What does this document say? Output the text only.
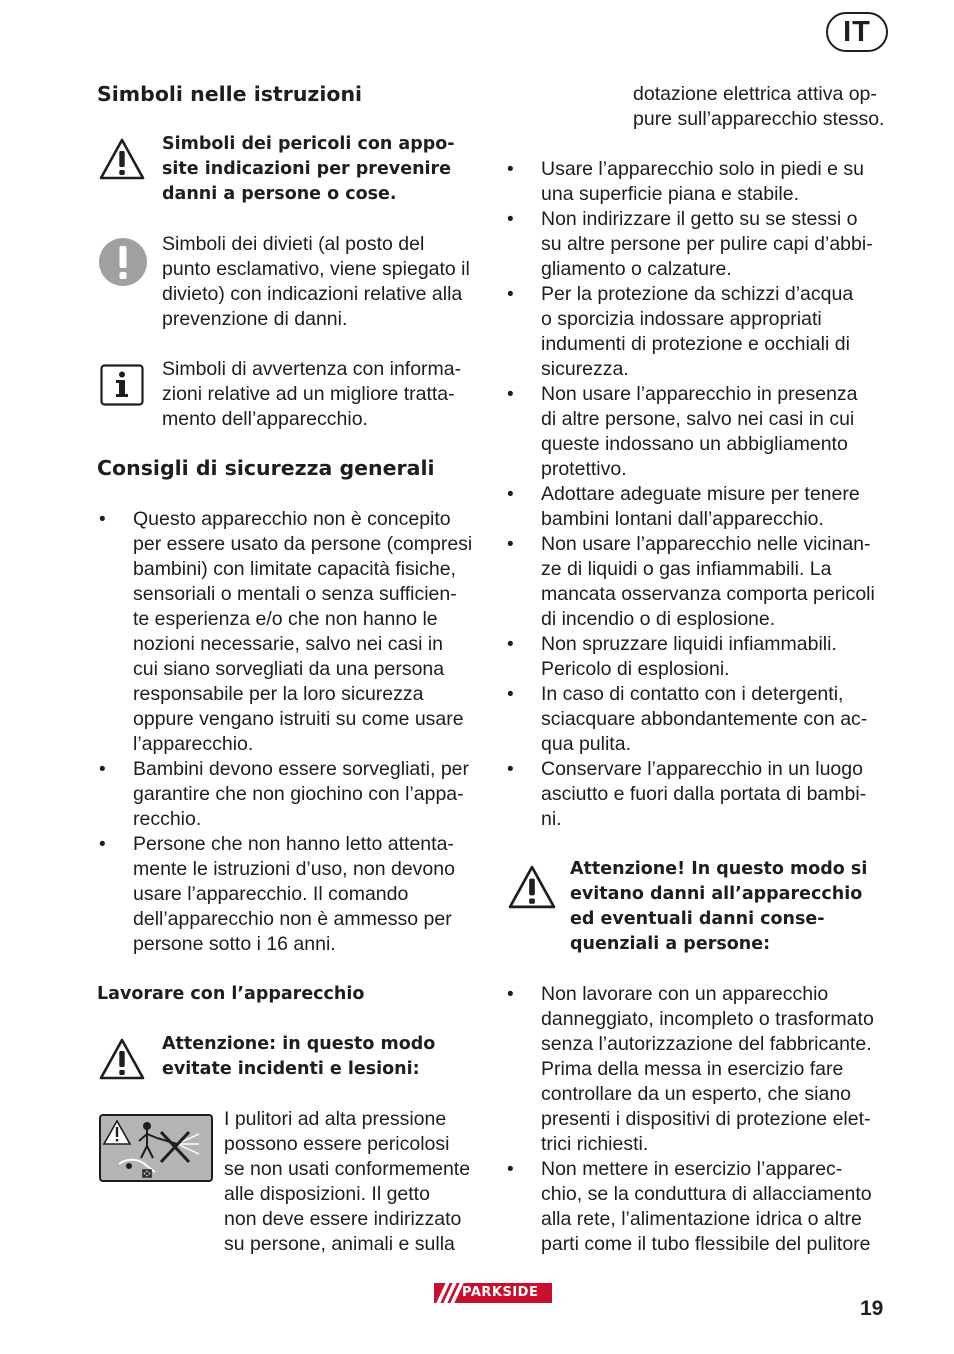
IT
Simboli nelle istruzioni
Simboli dei pericoli con appo-
site indicazioni per prevenire
danni a persone o cose.
Simboli dei divieti (al posto del
punto esclamativo, viene spiegato il
divieto) con indicazioni relative alla
prevenzione di danni.
Simboli di avvertenza con informa-
zioni relative ad un migliore tratta-
mento dell’apparecchio.
Consigli di sicurezza generali
• Questo apparecchio non è concepito
per essere usato da persone (compresi
bambini) con limitate capacità fisiche,
sensoriali o mentali o senza sufficien-
te esperienza e/o che non hanno le
nozioni necessarie, salvo nei casi in
cui siano sorvegliati da una persona
responsabile per la loro sicurezza
oppure vengano istruiti su come usare
l’apparecchio.
• Bambini devono essere sorvegliati, per
garantire che non giochino con l’appa-
recchio.
• Persone che non hanno letto attenta-
mente le istruzioni d’uso, non devono
usare l’apparecchio. Il comando
dell’apparecchio non è ammesso per
persone sotto i 16 anni.
Lavorare con l’apparecchio
Attenzione: in questo modo
evitate incidenti e lesioni:
I pulitori ad alta pressione
possono essere pericolosi
se non usati conformemente
alle disposizioni. Il getto
non deve essere indirizzato
su persone, animali e sulla
dotazione elettrica attiva op-
pure sull’apparecchio stesso.
• Usare l’apparecchio solo in piedi e su
una superficie piana e stabile.
• Non indirizzare il getto su se stessi o
su altre persone per pulire capi d’abbi-
gliamento o calzature.
• Per la protezione da schizzi d’acqua
o sporcizia indossare appropriati
indumenti di protezione e occhiali di
sicurezza.
• Non usare l’apparecchio in presenza
di altre persone, salvo nei casi in cui
queste indossano un abbigliamento
protettivo.
• Adottare adeguate misure per tenere
bambini lontani dall’apparecchio.
• Non usare l’apparecchio nelle vicinan-
ze di liquidi o gas infiammabili. La
mancata osservanza comporta pericoli
di incendio o di esplosione.
• Non spruzzare liquidi infiammabili.
Pericolo di esplosioni.
• In caso di contatto con i detergenti,
sciacquare abbondantemente con ac-
qua pulita.
• Conservare l’apparecchio in un luogo
asciutto e fuori dalla portata di bambi-
ni.
Attenzione! In questo modo si
evitano danni all’apparecchio
ed eventuali danni conse-
quenziali a persone:
• Non lavorare con un apparecchio
danneggiato, incompleto o trasformato
senza l’autorizzazione del fabbricante.
Prima della messa in esercizio fare
controllare da un esperto, che siano
presenti i dispositivi di protezione elet-
trici richiesti.
• Non mettere in esercizio l’apparec-
chio, se la conduttura di allacciamento
alla rete, l’alimentazione idrica o altre
parti come il tubo flessibile del pulitore
PARKSIDE
19
